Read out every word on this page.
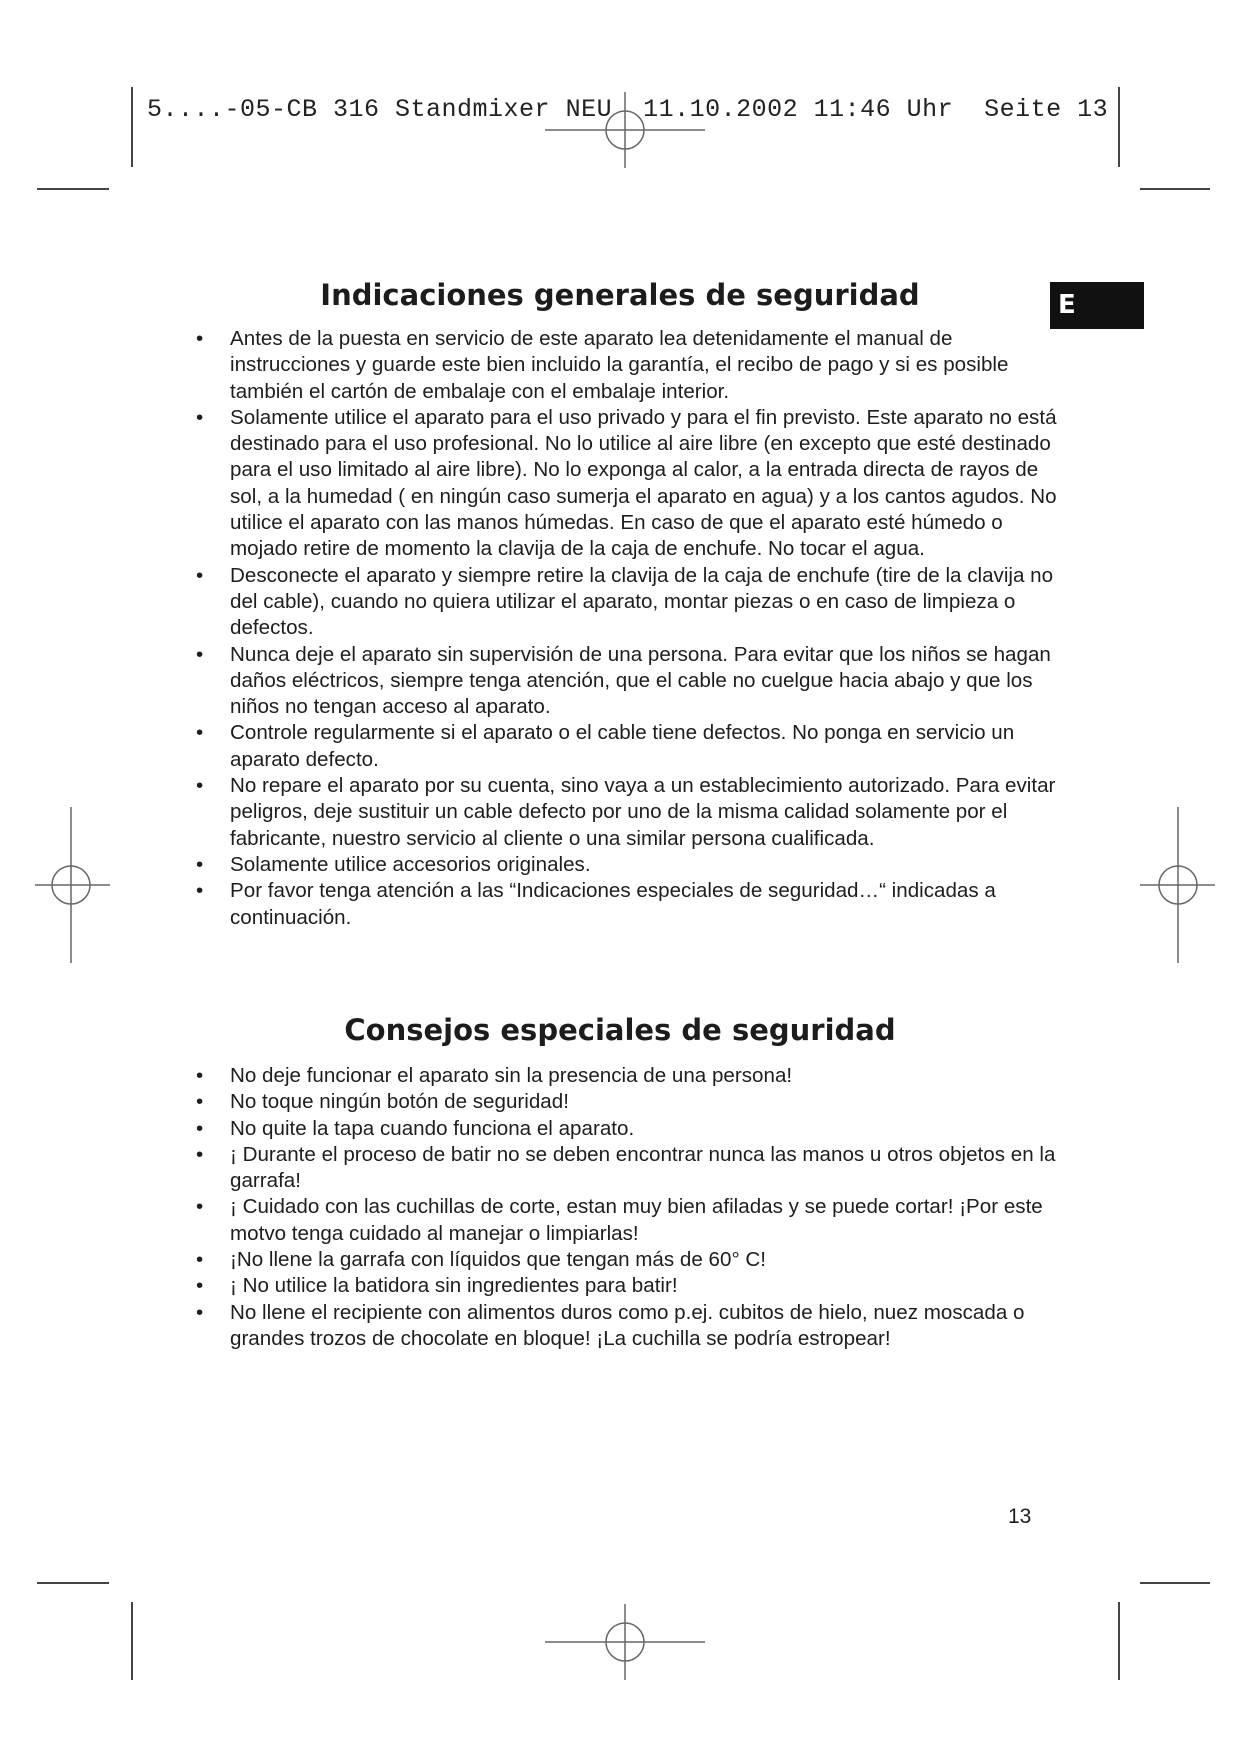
5....-05-CB 316 Standmixer NEU  11.10.2002 11:46 Uhr  Seite 13
E
Indicaciones generales de seguridad
• Antes de la puesta en servicio de este aparato lea detenidamente el manual de instrucciones y guarde este bien incluido la garantía, el recibo de pago y si es posible también el cartón de embalaje con el embalaje interior.
• Solamente utilice el aparato para el uso privado y para el fin previsto. Este aparato no está destinado para el uso profesional. No lo utilice al aire libre (en excepto que esté destinado para el uso limitado al aire libre). No lo exponga al calor, a la entrada directa de rayos de sol, a la humedad ( en ningún caso sumerja el aparato en agua) y a los cantos agudos. No utilice el aparato con las manos húmedas. En caso de que el aparato esté húmedo o mojado retire de momento la clavija de la caja de enchufe. No tocar el agua.
• Desconecte el aparato y siempre retire la clavija de la caja de enchufe (tire de la clavija no del cable), cuando no quiera utilizar el aparato, montar piezas o en caso de limpieza o defectos.
• Nunca deje el aparato sin supervisión de una persona. Para evitar que los niños se hagan daños eléctricos, siempre tenga atención, que el cable no cuelgue hacia abajo y que los niños no tengan acceso al aparato.
• Controle regularmente si el aparato o el cable tiene defectos. No ponga en servicio un aparato defecto.
• No repare el aparato por su cuenta, sino vaya a un establecimiento autorizado. Para evitar peligros, deje sustituir un cable defecto por uno de la misma calidad solamente por el fabricante, nuestro servicio al cliente o una similar persona cualificada.
• Solamente utilice accesorios originales.
• Por favor tenga atención a las “Indicaciones especiales de seguridad…“ indicadas a continuación.
Consejos especiales de seguridad
• No deje funcionar el aparato sin la presencia de una persona!
• No toque ningún botón de seguridad!
• No quite la tapa cuando funciona el aparato.
• ¡ Durante el proceso de batir no se deben encontrar nunca las manos u otros objetos en la garrafa!
• ¡ Cuidado con las cuchillas de corte, estan muy bien afiladas y se puede cortar! ¡Por este motvo tenga cuidado al manejar o limpiarlas!
• ¡No llene la garrafa con líquidos que tengan más de 60° C!
• ¡ No utilice la batidora sin ingredientes para batir!
• No llene el recipiente con alimentos duros como p.ej. cubitos de hielo, nuez moscada o grandes trozos de chocolate en bloque! ¡La cuchilla se podría estropear!
13
